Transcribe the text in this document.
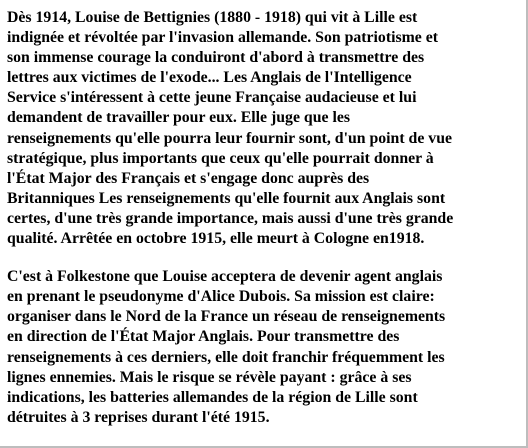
Dès 1914, Louise de Bettignies (1880 - 1918) qui vit à Lille est
indignée et révoltée par l'invasion allemande. Son patriotisme et
son immense courage la conduiront d'abord à transmettre des
lettres aux victimes de l'exode... Les Anglais de l'Intelligence
Service s'intéressent à cette jeune Française audacieuse et lui
demandent de travailler pour eux. Elle juge que les
renseignements qu'elle pourra leur fournir sont, d'un point de vue
stratégique, plus importants que ceux qu'elle pourrait donner à
l'État Major des Français et s'engage donc auprès des
Britanniques Les renseignements qu'elle fournit aux Anglais sont
certes, d'une très grande importance, mais aussi d'une très grande
qualité. Arrêtée en octobre 1915, elle meurt à Cologne en1918.

C'est à Folkestone que Louise acceptera de devenir agent anglais
en prenant le pseudonyme d'Alice Dubois. Sa mission est claire:
organiser dans le Nord de la France un réseau de renseignements
en direction de l'État Major Anglais. Pour transmettre des
renseignements à ces derniers, elle doit franchir fréquemment les
lignes ennemies. Mais le risque se révèle payant : grâce à ses
indications, les batteries allemandes de la région de Lille sont
détruites à 3 reprises durant l'été 1915.
